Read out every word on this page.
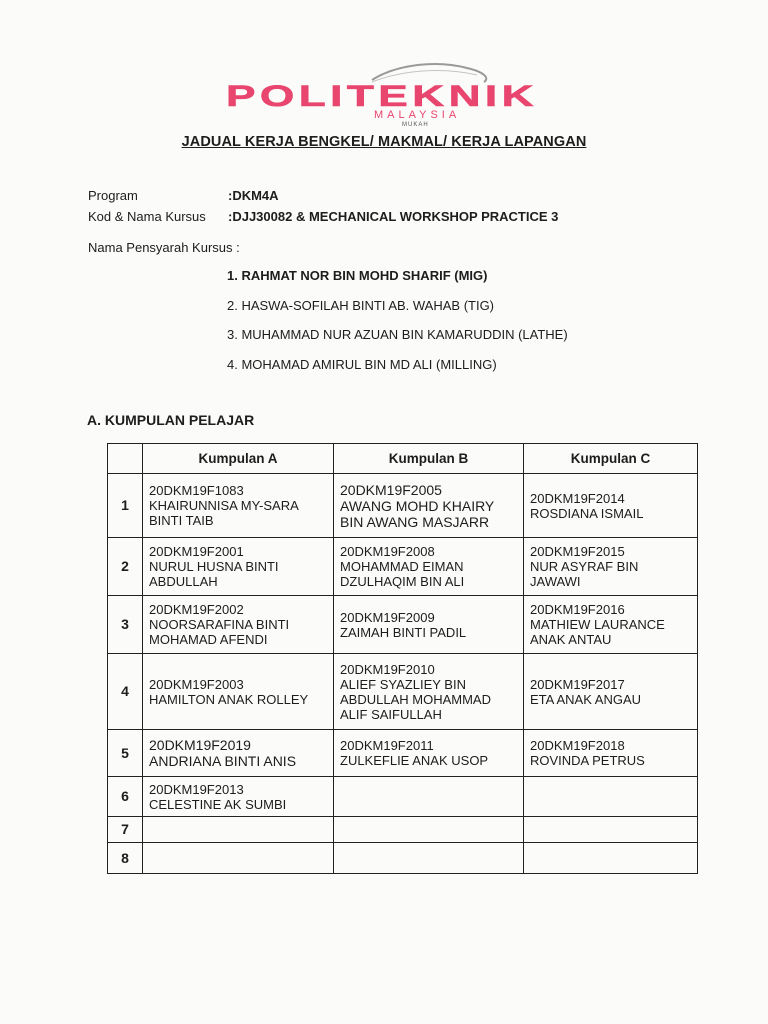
POLITEKNIK
MALAYSIA
MUKAH
JADUAL KERJA BENGKEL/ MAKMAL/ KERJA LAPANGAN
Program	:DKM4A
Kod & Nama Kursus :DJJ30082 & MECHANICAL WORKSHOP PRACTICE 3
Nama Pensyarah Kursus :
1. RAHMAT NOR BIN MOHD SHARIF (MIG)
2. HASWA-SOFILAH BINTI AB. WAHAB (TIG)
3. MUHAMMAD NUR AZUAN BIN KAMARUDDIN (LATHE)
4. MOHAMAD AMIRUL BIN MD ALI (MILLING)
A. KUMPULAN PELAJAR
	Kumpulan A	Kumpulan B	Kumpulan C
1	20DKM19F1083
KHAIRUNNISA MY-SARA
BINTI TAIB	20DKM19F2005
AWANG MOHD KHAIRY
BIN AWANG MASJARR	20DKM19F2014
ROSDIANA ISMAIL

2	20DKM19F2001
NURUL HUSNA BINTI
ABDULLAH	20DKM19F2008
MOHAMMAD EIMAN
DZULHAQIM BIN ALI	20DKM19F2015
NUR ASYRAF BIN
JAWAWI

3	20DKM19F2002
NOORSARAFINA BINTI
MOHAMAD AFENDI	20DKM19F2009
ZAIMAH BINTI PADIL	20DKM19F2016
MATHIEW LAURANCE
ANAK ANTAU

4	20DKM19F2003
HAMILTON ANAK ROLLEY	20DKM19F2010
ALIEF SYAZLIEY BIN
ABDULLAH MOHAMMAD
ALIF SAIFULLAH	20DKM19F2017
ETA ANAK ANGAU

5	20DKM19F2019
ANDRIANA BINTI ANIS	20DKM19F2011
ZULKEFLIE ANAK USOP	20DKM19F2018
ROVINDA PETRUS

6	20DKM19F2013
CELESTINE AK SUMBI		

7			
8			
